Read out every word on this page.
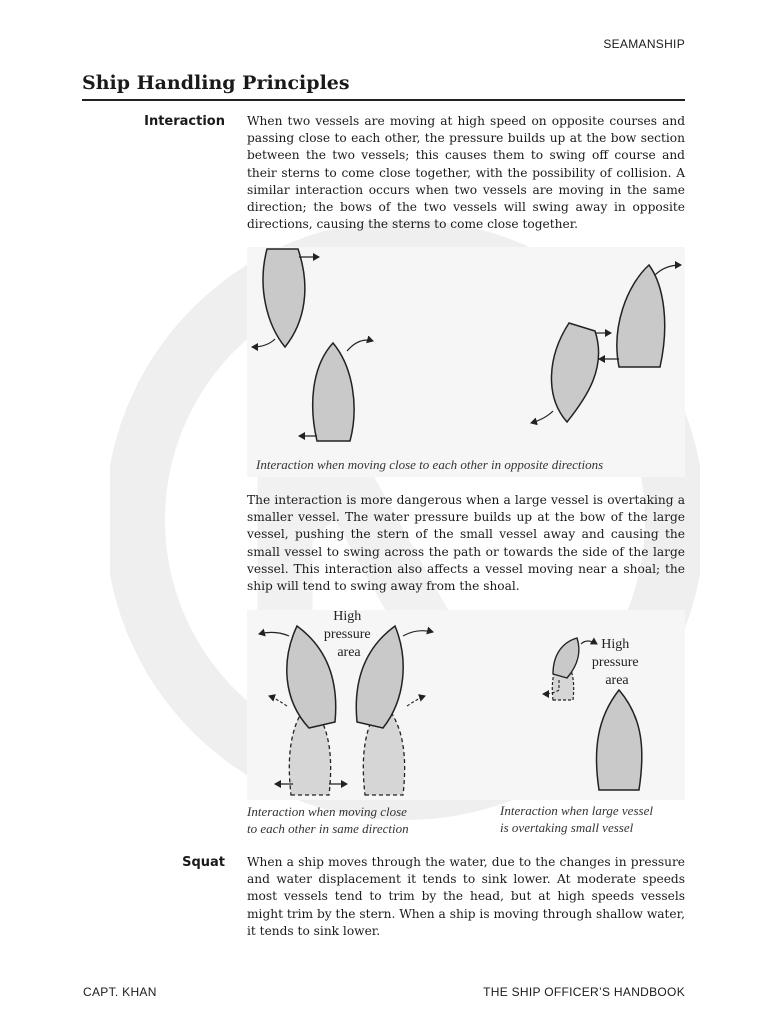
SEAMANSHIP
Ship Handling Principles
Interaction When two vessels are moving at high speed on opposite courses and passing close to each other, the pressure builds up at the bow section between the two vessels; this causes them to swing off course and their sterns to come close together, with the possibility of collision. A similar interaction occurs when two vessels are moving in the same direction; the bows of the two vessels will swing away in opposite directions, causing the sterns to come close together.
Interaction when moving close to each other in opposite directions
The interaction is more dangerous when a large vessel is overtaking a smaller vessel. The water pressure builds up at the bow of the large vessel, pushing the stern of the small vessel away and causing the small vessel to swing across the path or towards the side of the large vessel. This interaction also affects a vessel moving near a shoal; the ship will tend to swing away from the shoal.
High pressure area
High pressure area
Interaction when moving close
to each other in same direction
Interaction when large vessel
is overtaking small vessel
Squat When a ship moves through the water, due to the changes in pressure and water displacement it tends to sink lower. At moderate speeds most vessels tend to trim by the head, but at high speeds vessels might trim by the stern. When a ship is moving through shallow water, it tends to sink lower.
CAPT. KHAN	THE SHIP OFFICER’S HANDBOOK
